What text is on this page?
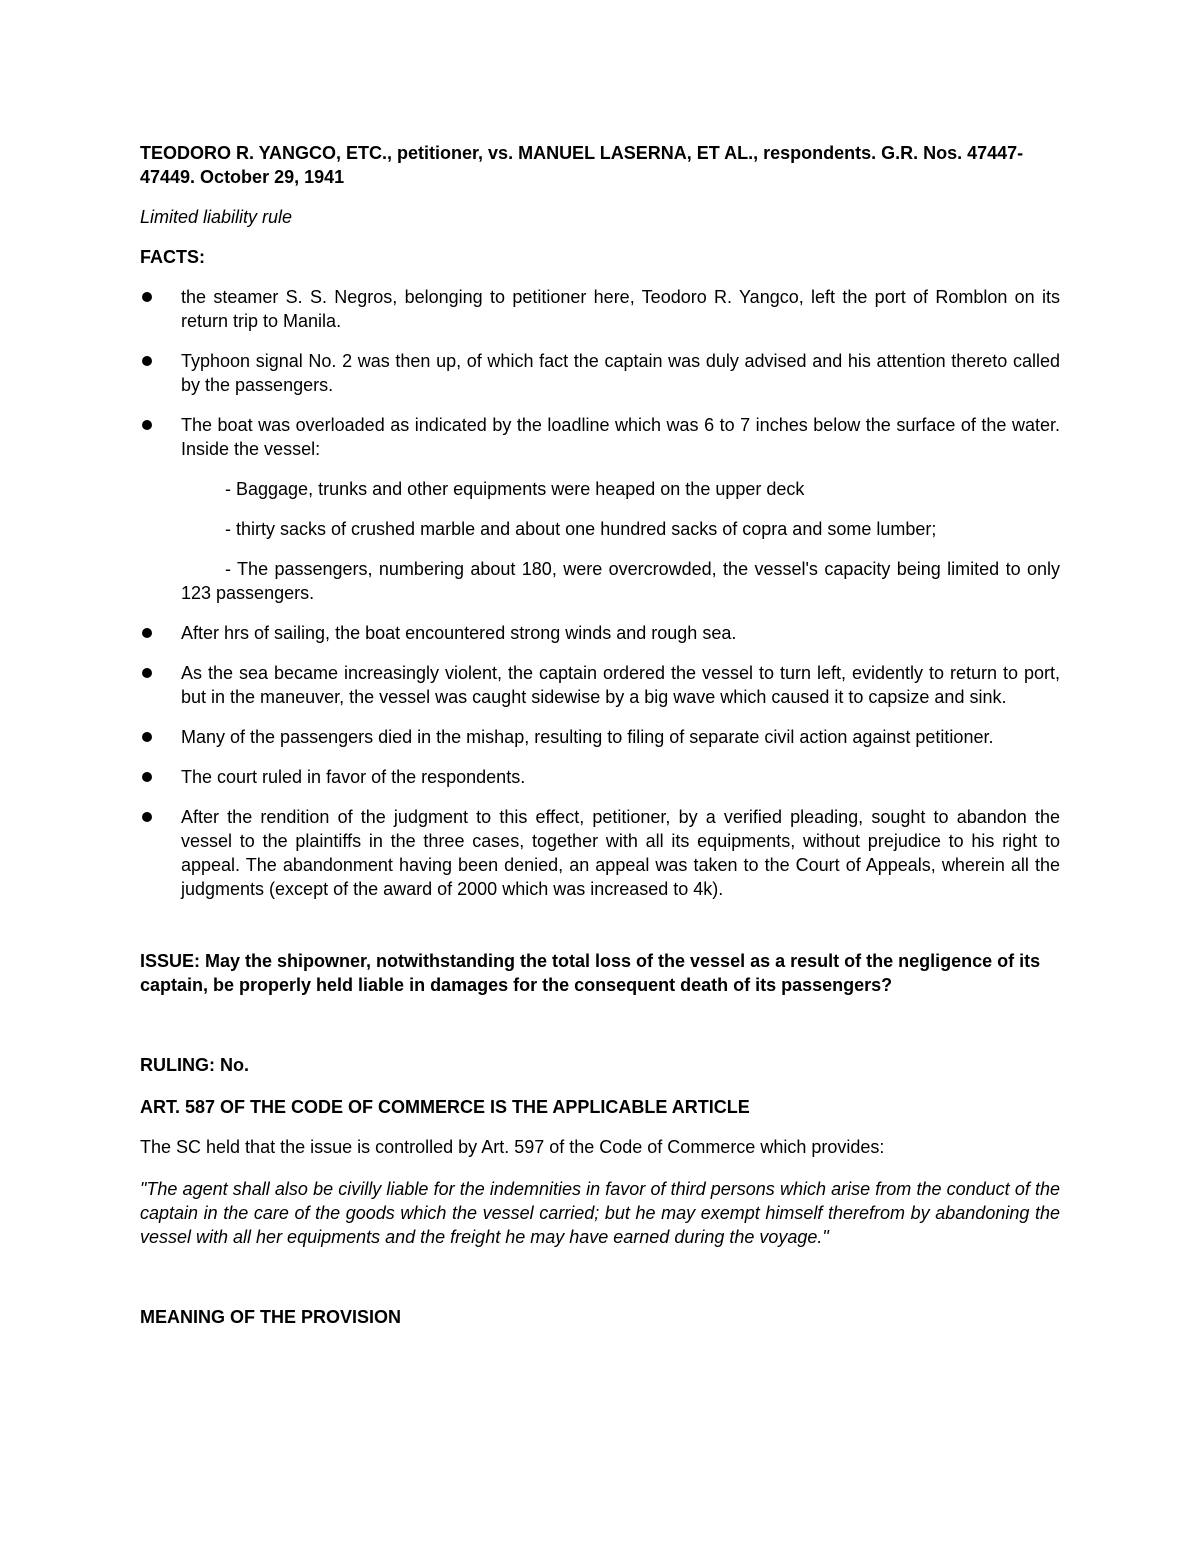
TEODORO R. YANGCO, ETC., petitioner, vs. MANUEL LASERNA, ET AL., respondents. G.R. Nos. 47447-47449. October 29, 1941

Limited liability rule
FACTS:
the steamer S. S. Negros, belonging to petitioner here, Teodoro R. Yangco, left the port of Romblon on its return trip to Manila.
Typhoon signal No. 2 was then up, of which fact the captain was duly advised and his attention thereto called by the passengers.
The boat was overloaded as indicated by the loadline which was 6 to 7 inches below the surface of the water. Inside the vessel:
- Baggage, trunks and other equipments were heaped on the upper deck
- thirty sacks of crushed marble and about one hundred sacks of copra and some lumber;
- The passengers, numbering about 180, were overcrowded, the vessel's capacity being limited to only 123 passengers.
After hrs of sailing, the boat encountered strong winds and rough sea.
As the sea became increasingly violent, the captain ordered the vessel to turn left, evidently to return to port, but in the maneuver, the vessel was caught sidewise by a big wave which caused it to capsize and sink.
Many of the passengers died in the mishap, resulting to filing of separate civil action against petitioner.
The court ruled in favor of the respondents.
After the rendition of the judgment to this effect, petitioner, by a verified pleading, sought to abandon the vessel to the plaintiffs in the three cases, together with all its equipments, without prejudice to his right to appeal. The abandonment having been denied, an appeal was taken to the Court of Appeals, wherein all the judgments (except of the award of 2000 which was increased to 4k).

ISSUE: May the shipowner, notwithstanding the total loss of the vessel as a result of the negligence of its captain, be properly held liable in damages for the consequent death of its passengers?

RULING: No.

ART. 587 OF THE CODE OF COMMERCE IS THE APPLICABLE ARTICLE

The SC held that the issue is controlled by Art. 597 of the Code of Commerce which provides:

"The agent shall also be civilly liable for the indemnities in favor of third persons which arise from the conduct of the captain in the care of the goods which the vessel carried; but he may exempt himself therefrom by abandoning the vessel with all her equipments and the freight he may have earned during the voyage."

MEANING OF THE PROVISION
